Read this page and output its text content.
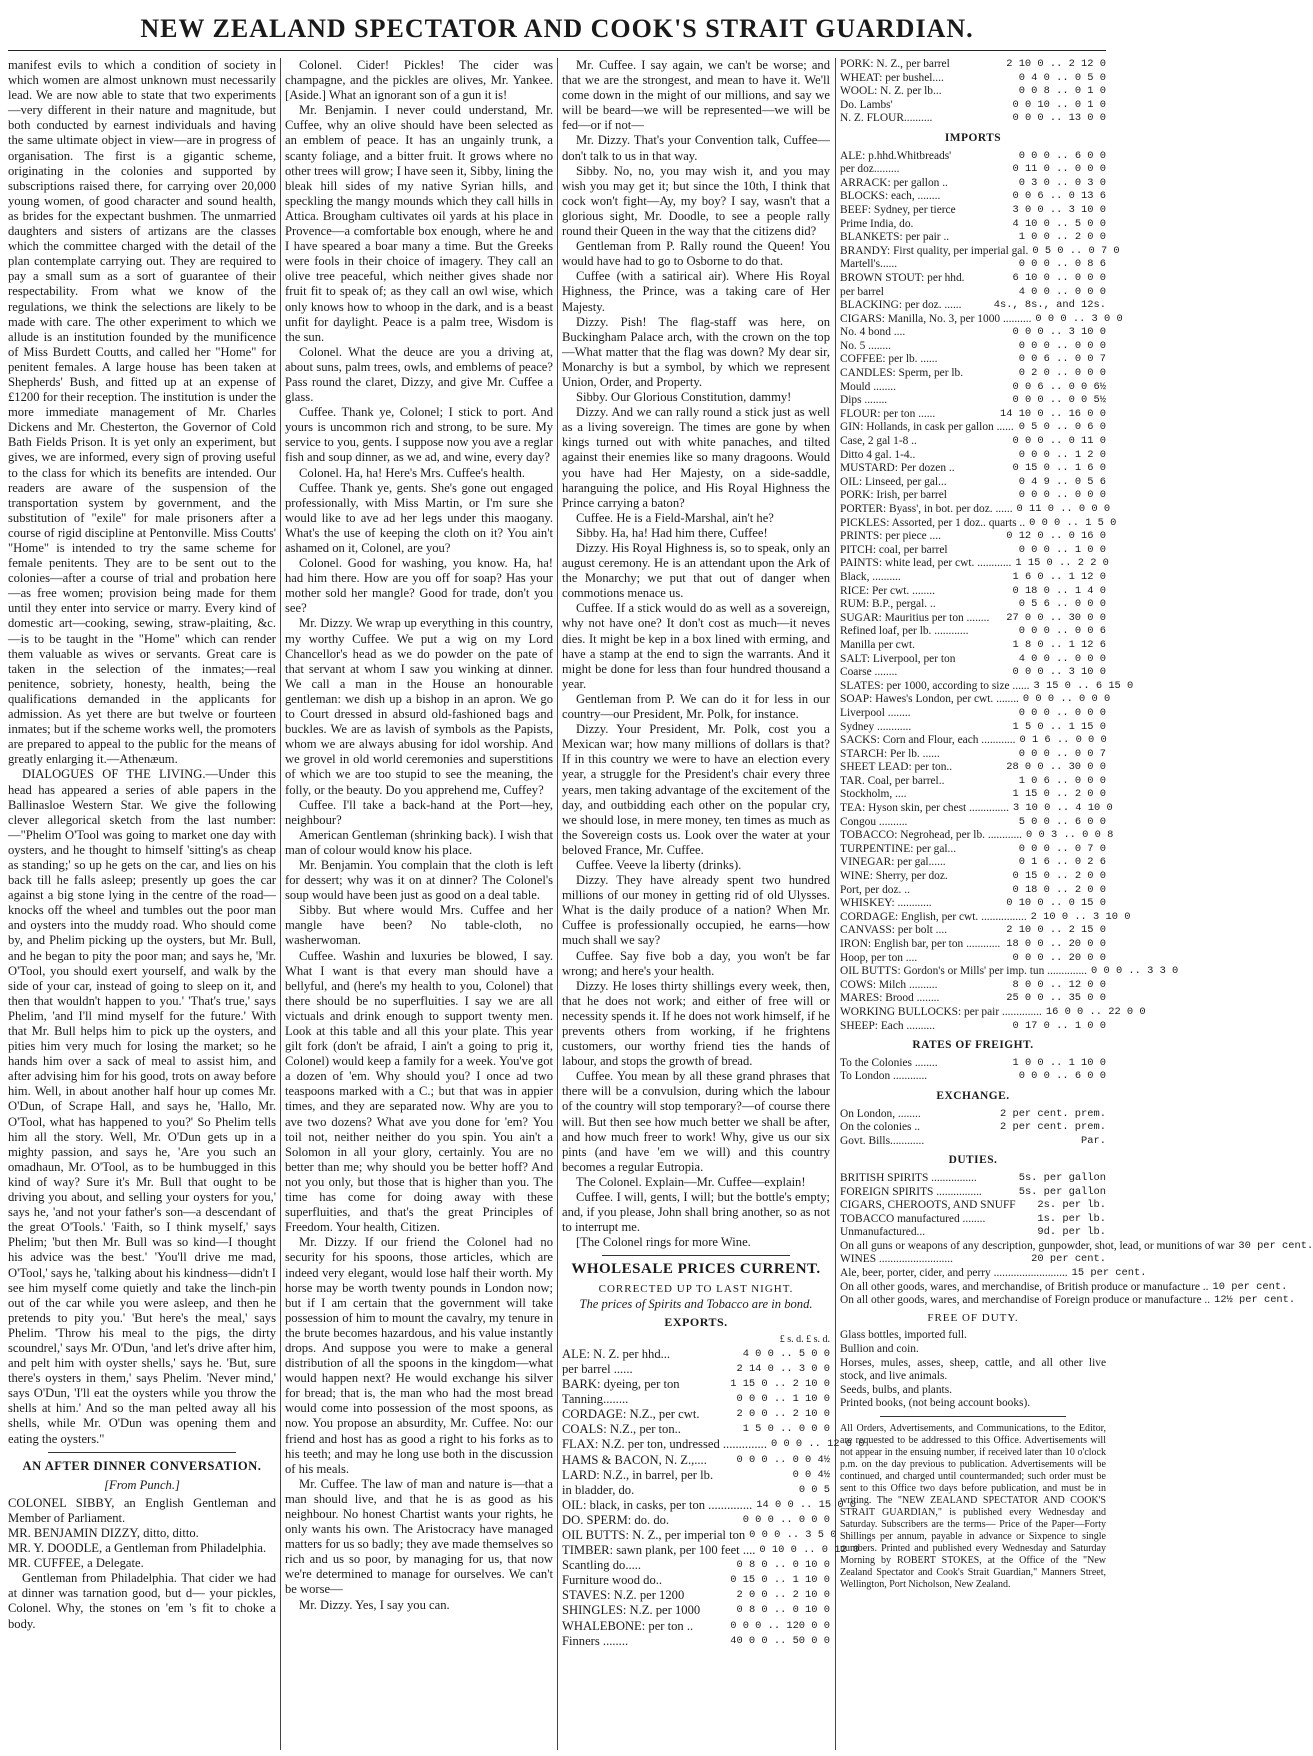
NEW ZEALAND SPECTATOR AND COOK'S STRAIT GUARDIAN.

manifest evils to which a condition of society in which women are almost unknown must necessarily lead. We are now able to state that two experiments—very different in their nature and magnitude, but both conducted by earnest individuals and having the same ultimate object in view—are in progress of organisation. The first is a gigantic scheme, originating in the colonies and supported by subscriptions raised there, for carrying over 20,000 young women, of good character and sound health, as brides for the expectant bushmen. The unmarried daughters and sisters of artizans are the classes which the committee charged with the detail of the plan contemplate carrying out. They are required to pay a small sum as a sort of guarantee of their respectability. From what we know of the regulations, we think the selections are likely to be made with care. The other experiment to which we allude is an institution founded by the munificence of Miss Burdett Coutts, and called her "Home" for penitent females. A large house has been taken at Shepherds' Bush, and fitted up at an expense of £1200 for their reception. The institution is under the more immediate management of Mr. Charles Dickens and Mr. Chesterton, the Governor of Cold Bath Fields Prison. It is yet only an experiment, but gives, we are informed, every sign of proving useful to the class for which its benefits are intended. Our readers are aware of the suspension of the transportation system by government, and the substitution of "exile" for male prisoners after a course of rigid discipline at Pentonville. Miss Coutts' "Home" is intended to try the same scheme for female penitents. They are to be sent out to the colonies—after a course of trial and probation here—as free women; provision being made for them until they enter into service or marry. Every kind of domestic art—cooking, sewing, straw-plaiting, &c.—is to be taught in the "Home" which can render them valuable as wives or servants. Great care is taken in the selection of the inmates;—real penitence, sobriety, honesty, health, being the qualifications demanded in the applicants for admission. As yet there are but twelve or fourteen inmates; but if the scheme works well, the promoters are prepared to appeal to the public for the means of greatly enlarging it.—Athenæum.

DIALOGUES OF THE LIVING.—Under this head has appeared a series of able papers in the Ballinasloe Western Star. We give the following clever allegorical sketch from the last number:—"Phelim O'Tool was going to market one day with oysters, and he thought to himself 'sitting's as cheap as standing;' so up he gets on the car, and lies on his back till he falls asleep; presently up goes the car against a big stone lying in the centre of the road—knocks off the wheel and tumbles out the poor man and oysters into the muddy road. Who should come by, and Phelim picking up the oysters, but Mr. Bull, and he began to pity the poor man; and says he, 'Mr. O'Tool, you should exert yourself, and walk by the side of your car, instead of going to sleep on it, and then that wouldn't happen to you.' 'That's true,' says Phelim, 'and I'll mind myself for the future.' With that Mr. Bull helps him to pick up the oysters, and pities him very much for losing the market; so he hands him over a sack of meal to assist him, and after advising him for his good, trots on away before him. Well, in about another half hour up comes Mr. O'Dun, of Scrape Hall, and says he, 'Hallo, Mr. O'Tool, what has happened to you?' So Phelim tells him all the story. Well, Mr. O'Dun gets up in a mighty passion, and says he, 'Are you such an omadhaun, Mr. O'Tool, as to be humbugged in this kind of way? Sure it's Mr. Bull that ought to be driving you about, and selling your oysters for you,' says he, 'and not your father's son—a descendant of the great O'Tools.' 'Faith, so I think myself,' says Phelim; 'but then Mr. Bull was so kind—I thought his advice was the best.' 'You'll drive me mad, O'Tool,' says he, 'talking about his kindness—didn't I see him myself come quietly and take the linch-pin out of the car while you were asleep, and then he pretends to pity you.' 'But here's the meal,' says Phelim. 'Throw his meal to the pigs, the dirty scoundrel,' says Mr. O'Dun, 'and let's drive after him, and pelt him with oyster shells,' says he. 'But, sure there's oysters in them,' says Phelim. 'Never mind,' says O'Dun, 'I'll eat the oysters while you throw the shells at him.' And so the man pelted away all his shells, while Mr. O'Dun was opening them and eating the oysters."

AN AFTER DINNER CONVERSATION.
[From Punch.]
COLONEL SIBBY, an English Gentleman and Member of Parliament.
MR. BENJAMIN DIZZY, ditto, ditto.
MR. Y. DOODLE, a Gentleman from Philadelphia.
MR. CUFFEE, a Delegate.

Gentleman from Philadelphia. That cider we had at dinner was tarnation good, but d— your pickles, Colonel. Why, the stones on 'em 's fit to choke a body.

Colonel. Cider! Pickles! The cider was champagne, and the pickles are olives, Mr. Yankee. [Aside.] What an ignorant son of a gun it is!

Mr. Benjamin. I never could understand, Mr. Cuffee, why an olive should have been selected as an emblem of peace. It has an ungainly trunk, a scanty foliage, and a bitter fruit. It grows where no other trees will grow; I have seen it, Sibby, lining the bleak hill sides of my native Syrian hills, and speckling the mangy mounds which they call hills in Attica. Brougham cultivates oil yards at his place in Provence—a comfortable box enough, where he and I have speared a boar many a time. But the Greeks were fools in their choice of imagery. They call an olive tree peaceful, which neither gives shade nor fruit fit to speak of; as they call an owl wise, which only knows how to whoop in the dark, and is a beast unfit for daylight. Peace is a palm tree, Wisdom is the sun.

Colonel. What the deuce are you a driving at, about suns, palm trees, owls, and emblems of peace? Pass round the claret, Dizzy, and give Mr. Cuffee a glass.

Cuffee. Thank ye, Colonel; I stick to port. And yours is uncommon rich and strong, to be sure. My service to you, gents. I suppose now you ave a reglar fish and soup dinner, as we ad, and wine, every day?

Colonel. Ha, ha! Here's Mrs. Cuffee's health.

Cuffee. Thank ye, gents. She's gone out engaged professionally, with Miss Martin, or I'm sure she would like to ave ad her legs under this maogany. What's the use of keeping the cloth on it? You ain't ashamed on it, Colonel, are you?

Colonel. Good for washing, you know. Ha, ha! had him there. How are you off for soap? Has your mother sold her mangle? Good for trade, don't you see?

Mr. Dizzy. We wrap up everything in this country, my worthy Cuffee. We put a wig on my Lord Chancellor's head as we do powder on the pate of that servant at whom I saw you winking at dinner. We call a man in the House an honourable gentleman: we dish up a bishop in an apron. We go to Court dressed in absurd old-fashioned bags and buckles. We are as lavish of symbols as the Papists, whom we are always abusing for idol worship. And we grovel in old world ceremonies and superstitions of which we are too stupid to see the meaning, the folly, or the beauty. Do you apprehend me, Cuffey?

Cuffee. I'll take a back-hand at the Port—hey, neighbour?

American Gentleman (shrinking back). I wish that man of colour would know his place.

Mr. Benjamin. You complain that the cloth is left for dessert; why was it on at dinner? The Colonel's soup would have been just as good on a deal table.

Sibby. But where would Mrs. Cuffee and her mangle have been? No table-cloth, no washerwoman.

Cuffee. Washin and luxuries be blowed, I say. What I want is that every man should have a bellyful, and (here's my health to you, Colonel) that there should be no superfluities. I say we are all victuals and drink enough to support twenty men. Look at this table and all this your plate. This year gilt fork (don't be afraid, I ain't a going to prig it, Colonel) would keep a family for a week. You've got a dozen of 'em. Why should you? I once ad two teaspoons marked with a C.; but that was in appier times, and they are separated now. Why are you to ave two dozens? What ave you done for 'em? You toil not, neither neither do you spin. You ain't a Solomon in all your glory, certainly. You are no better than me; why should you be better hoff? And not you only, but those that is higher than you. The time has come for doing away with these superfluities, and that's the great Principles of Freedom. Your health, Citizen.

Mr. Dizzy. If our friend the Colonel had no security for his spoons, those articles, which are indeed very elegant, would lose half their worth. My horse may be worth twenty pounds in London now; but if I am certain that the government will take possession of him to mount the cavalry, my tenure in the brute becomes hazardous, and his value instantly drops. And suppose you were to make a general distribution of all the spoons in the kingdom—what would happen next? He would exchange his silver for bread; that is, the man who had the most bread would come into possession of the most spoons, as now. You propose an absurdity, Mr. Cuffee. No: our friend and host has as good a right to his forks as to his teeth; and may he long use both in the discussion of his meals.

Mr. Cuffee. The law of man and nature is—that a man should live, and that he is as good as his neighbour. No honest Chartist wants your rights, he only wants his own. The Aristocracy have managed matters for us so badly; they ave made themselves so rich and us so poor, by managing for us, that now we're determined to manage for ourselves. We can't be worse—

Mr. Dizzy. Yes, I say you can.

Mr. Cuffee. I say again, we can't be worse; and that we are the strongest, and mean to have it. We'll come down in the might of our millions, and say we will be beard—we will be represented—we will be fed—or if not—

Mr. Dizzy. That's your Convention talk, Cuffee—don't talk to us in that way.

Sibby. No, no, you may wish it, and you may wish you may get it; but since the 10th, I think that cock won't fight—Ay, my boy? I say, wasn't that a glorious sight, Mr. Doodle, to see a people rally round their Queen in the way that the citizens did?

Gentleman from P. Rally round the Queen! You would have had to go to Osborne to do that.

Cuffee (with a satirical air). Where His Royal Highness, the Prince, was a taking care of Her Majesty.

Dizzy. Pish! The flag-staff was here, on Buckingham Palace arch, with the crown on the top—What matter that the flag was down? My dear sir, Monarchy is but a symbol, by which we represent Union, Order, and Property.

Sibby. Our Glorious Constitution, dammy!

Dizzy. And we can rally round a stick just as well as a living sovereign. The times are gone by when kings turned out with white panaches, and tilted against their enemies like so many dragoons. Would you have had Her Majesty, on a side-saddle, haranguing the police, and His Royal Highness the Prince carrying a baton?

Cuffee. He is a Field-Marshal, ain't he?

Sibby. Ha, ha! Had him there, Cuffee!

Dizzy. His Royal Highness is, so to speak, only an august ceremony. He is an attendant upon the Ark of the Monarchy; we put that out of danger when commotions menace us.

Cuffee. If a stick would do as well as a sovereign, why not have one? It don't cost as much—it neves dies. It might be kep in a box lined with erming, and have a stamp at the end to sign the warrants. And it might be done for less than four hundred thousand a year.

Gentleman from P. We can do it for less in our country—our President, Mr. Polk, for instance.

Dizzy. Your President, Mr. Polk, cost you a Mexican war; how many millions of dollars is that? If in this country we were to have an election every year, a struggle for the President's chair every three years, men taking advantage of the excitement of the day, and outbidding each other on the popular cry, we should lose, in mere money, ten times as much as the Sovereign costs us. Look over the water at your beloved France, Mr. Cuffee.

Cuffee. Veeve la liberty (drinks).

Dizzy. They have already spent two hundred millions of our money in getting rid of old Ulysses. What is the daily produce of a nation? When Mr. Cuffee is professionally occupied, he earns—how much shall we say?

Cuffee. Say five bob a day, you won't be far wrong; and here's your health.

Dizzy. He loses thirty shillings every week, then, that he does not work; and either of free will or necessity spends it. If he does not work himself, if he prevents others from working, if he frightens customers, our worthy friend ties the hands of labour, and stops the growth of bread.

Cuffee. You mean by all these grand phrases that there will be a convulsion, during which the labour of the country will stop temporary?—of course there will. But then see how much better we shall be after, and how much freer to work! Why, give us our six pints (and have 'em we will) and this country becomes a regular Eutropia.

The Colonel. Explain—Mr. Cuffee—explain!

Cuffee. I will, gents, I will; but the bottle's empty; and, if you please, John shall bring another, so as not to interrupt me.

[The Colonel rings for more Wine.

WHOLESALE PRICES CURRENT.
CORRECTED UP TO LAST NIGHT.
The prices of Spirits and Tobacco are in bond.
EXPORTS.
£ s. d. £ s. d.
ALE: N. Z. per hhd...	4 0 0 .. 5 0 0
per barrel ......	2 14 0 .. 3 0 0
BARK: dyeing, per ton	1 15 0 .. 2 10 0
Tanning........	0 0 0 .. 1 10 0
CORDAGE: N.Z., per cwt.	2 0 0 .. 2 10 0
COALS: N.Z., per ton..	1 5 0 .. 0 0 0
FLAX: N.Z. per ton, undressed .............. 0 0 0 .. 12 0 0
HAMS & BACON, N. Z.,....	0 0 0 .. 0 0 4½
LARD: N.Z., in barrel, per lb.	0 0 4½
in bladder, do.	0 0 5
OIL: black, in casks, per ton .............. 14 0 0 .. 15 0 0
DO. SPERM: do. do.	0 0 0 .. 0 0 0
OIL BUTTS: N. Z., per imperial ton 0 0 0 .. 3 5 0
TIMBER: sawn plank, per 100 feet .... 0 10 0 .. 0 12 0
Scantling do.....	0 8 0 .. 0 10 0
Furniture wood do..	0 15 0 .. 1 10 0
STAVES: N.Z. per 1200	2 0 0 .. 2 10 0
SHINGLES: N.Z. per 1000	0 8 0 .. 0 10 0
WHALEBONE: per ton ..	0 0 0 .. 120 0 0
Finners ........	40 0 0 .. 50 0 0
PORK: N. Z., per barrel	2 10 0 .. 2 12 0
WHEAT: per bushel....	0 4 0 .. 0 5 0
WOOL: N. Z. per lb...	0 0 8 .. 0 1 0
Do. Lambs'	0 0 10 .. 0 1 0
N. Z. FLOUR..........	0 0 0 .. 13 0 0
IMPORTS
ALE: p.hhd.Whitbreads'	0 0 0 .. 6 0 0
per doz.........	0 11 0 .. 0 0 0
ARRACK: per gallon ..	0 3 0 .. 0 3 0
BLOCKS: each, ........	0 0 6 .. 0 13 6
BEEF: Sydney, per tierce	3 0 0 .. 3 10 0
Prime India, do.	4 10 0 .. 5 0 0
BLANKETS: per pair ..	1 0 0 .. 2 0 0
BRANDY: First quality, per imperial gal. 0 5 0 .. 0 7 0
Martell's......	0 0 0 .. 0 8 6
BROWN STOUT: per hhd.	6 10 0 .. 0 0 0
per barrel	4 0 0 .. 0 0 0
BLACKING: per doz. ......	4s., 8s., and 12s.
CIGARS: Manilla, No. 3, per 1000 .......... 0 0 0 .. 3 0 0
No. 4 bond ....	0 0 0 .. 3 10 0
No. 5 ........	0 0 0 .. 0 0 0
COFFEE: per lb. ......	0 0 6 .. 0 0 7
CANDLES: Sperm, per lb.	0 2 0 .. 0 0 0
Mould ........	0 0 6 .. 0 0 6½
Dips ........	0 0 0 .. 0 0 5½
FLOUR: per ton ......	14 10 0 .. 16 0 0
GIN: Hollands, in cask per gallon ...... 0 5 0 .. 0 6 0
Case, 2 gal 1-8 ..	0 0 0 .. 0 11 0
Ditto 4 gal. 1-4..	0 0 0 .. 1 2 0
MUSTARD: Per dozen ..	0 15 0 .. 1 6 0
OIL: Linseed, per gal...	0 4 9 .. 0 5 6
PORK: Irish, per barrel	0 0 0 .. 0 0 0
PORTER: Byass', in bot. per doz. ...... 0 11 0 .. 0 0 0
PICKLES: Assorted, per 1 doz.. quarts .. 0 0 0 .. 1 5 0
PRINTS: per piece ....	0 12 0 .. 0 16 0
PITCH: coal, per barrel	0 0 0 .. 1 0 0
PAINTS: white lead, per cwt. ............ 1 15 0 .. 2 2 0
Black, ..........	1 6 0 .. 1 12 0
RICE: Per cwt. ........	0 18 0 .. 1 4 0
RUM: B.P., pergal. ..	0 5 6 .. 0 0 0
SUGAR: Mauritius per ton ........	27 0 0 .. 30 0 0
Refined loaf, per lb. ............	0 0 0 .. 0 0 6
Manilla per cwt.	1 8 0 .. 1 12 6
SALT: Liverpool, per ton	4 0 0 .. 0 0 0
Coarse ........	0 0 0 .. 3 10 0
SLATES: per 1000, according to size ...... 3 15 0 .. 6 15 0
SOAP: Hawes's London, per cwt. ........ 0 0 0 .. 0 0 0
Liverpool ........	0 0 0 .. 0 0 0
Sydney ............	1 5 0 .. 1 15 0
SACKS: Corn and Flour, each ............ 0 1 6 .. 0 0 0
STARCH: Per lb. ......	0 0 0 .. 0 0 7
SHEET LEAD: per ton..	28 0 0 .. 30 0 0
TAR. Coal, per barrel..	1 0 6 .. 0 0 0
Stockholm, ....	1 15 0 .. 2 0 0
TEA: Hyson skin, per chest .............. 3 10 0 .. 4 10 0
Congou ..........	5 0 0 .. 6 0 0
TOBACCO: Negrohead, per lb. ............ 0 0 3 .. 0 0 8
TURPENTINE: per gal...	0 0 0 .. 0 7 0
VINEGAR: per gal......	0 1 6 .. 0 2 6
WINE: Sherry, per doz.	0 15 0 .. 2 0 0
Port, per doz. ..	0 18 0 .. 2 0 0
WHISKEY: ............	0 10 0 .. 0 15 0
CORDAGE: English, per cwt. ................ 2 10 0 .. 3 10 0
CANVASS: per bolt ....	2 10 0 .. 2 15 0
IRON: English bar, per ton ............ 18 0 0 .. 20 0 0
Hoop, per ton ....	0 0 0 .. 20 0 0
OIL BUTTS: Gordon's or Mills' per imp. tun .............. 0 0 0 .. 3 3 0
COWS: Milch ..........	8 0 0 .. 12 0 0
MARES: Brood ........	25 0 0 .. 35 0 0
WORKING BULLOCKS: per pair .............. 16 0 0 .. 22 0 0
SHEEP: Each ..........	0 17 0 .. 1 0 0
RATES OF FREIGHT.
To the Colonies ........	1 0 0 .. 1 10 0
To London ............	0 0 0 .. 6 0 0
EXCHANGE.
On London, ........	2 per cent. prem.
On the colonies ..	2 per cent. prem.
Govt. Bills............	Par.
DUTIES.
BRITISH SPIRITS ................	5s. per gallon
FOREIGN SPIRITS ................	5s. per gallon
CIGARS, CHEROOTS, AND SNUFF	2s. per lb.
TOBACCO manufactured ........	1s. per lb.
Unmanufactured...	9d. per lb.
On all guns or weapons of any description, gunpowder, shot, lead, or munitions of war 30 per cent.
WINES ..........................	20 per cent.
Ale, beer, porter, cider, and perry .......................... 15 per cent.
On all other goods, wares, and merchandise, of British produce or manufacture .. 10 per cent.
On all other goods, wares, and merchandise of Foreign produce or manufacture .. 12½ per cent.
FREE OF DUTY.
Glass bottles, imported full.
Bullion and coin.
Horses, mules, asses, sheep, cattle, and all other live stock, and live animals.
Seeds, bulbs, and plants.
Printed books, (not being account books).
All Orders, Advertisements, and Communications, to the Editor, are requested to be addressed to this Office. Advertisements will not appear in the ensuing number, if received later than 10 o'clock p.m. on the day previous to publication. Advertisements will be continued, and charged until countermanded; such order must be sent to this Office two days before publication, and must be in writing. The "NEW ZEALAND SPECTATOR AND COOK'S STRAIT GUARDIAN," is published every Wednesday and Saturday. Subscribers are the terms— Price of the Paper—Forty Shillings per annum, payable in advance or Sixpence to single numbers. Printed and published every Wednesday and Saturday Morning by ROBERT STOKES, at the Office of the "New Zealand Spectator and Cook's Strait Guardian," Manners Street, Wellington, Port Nicholson, New Zealand.
